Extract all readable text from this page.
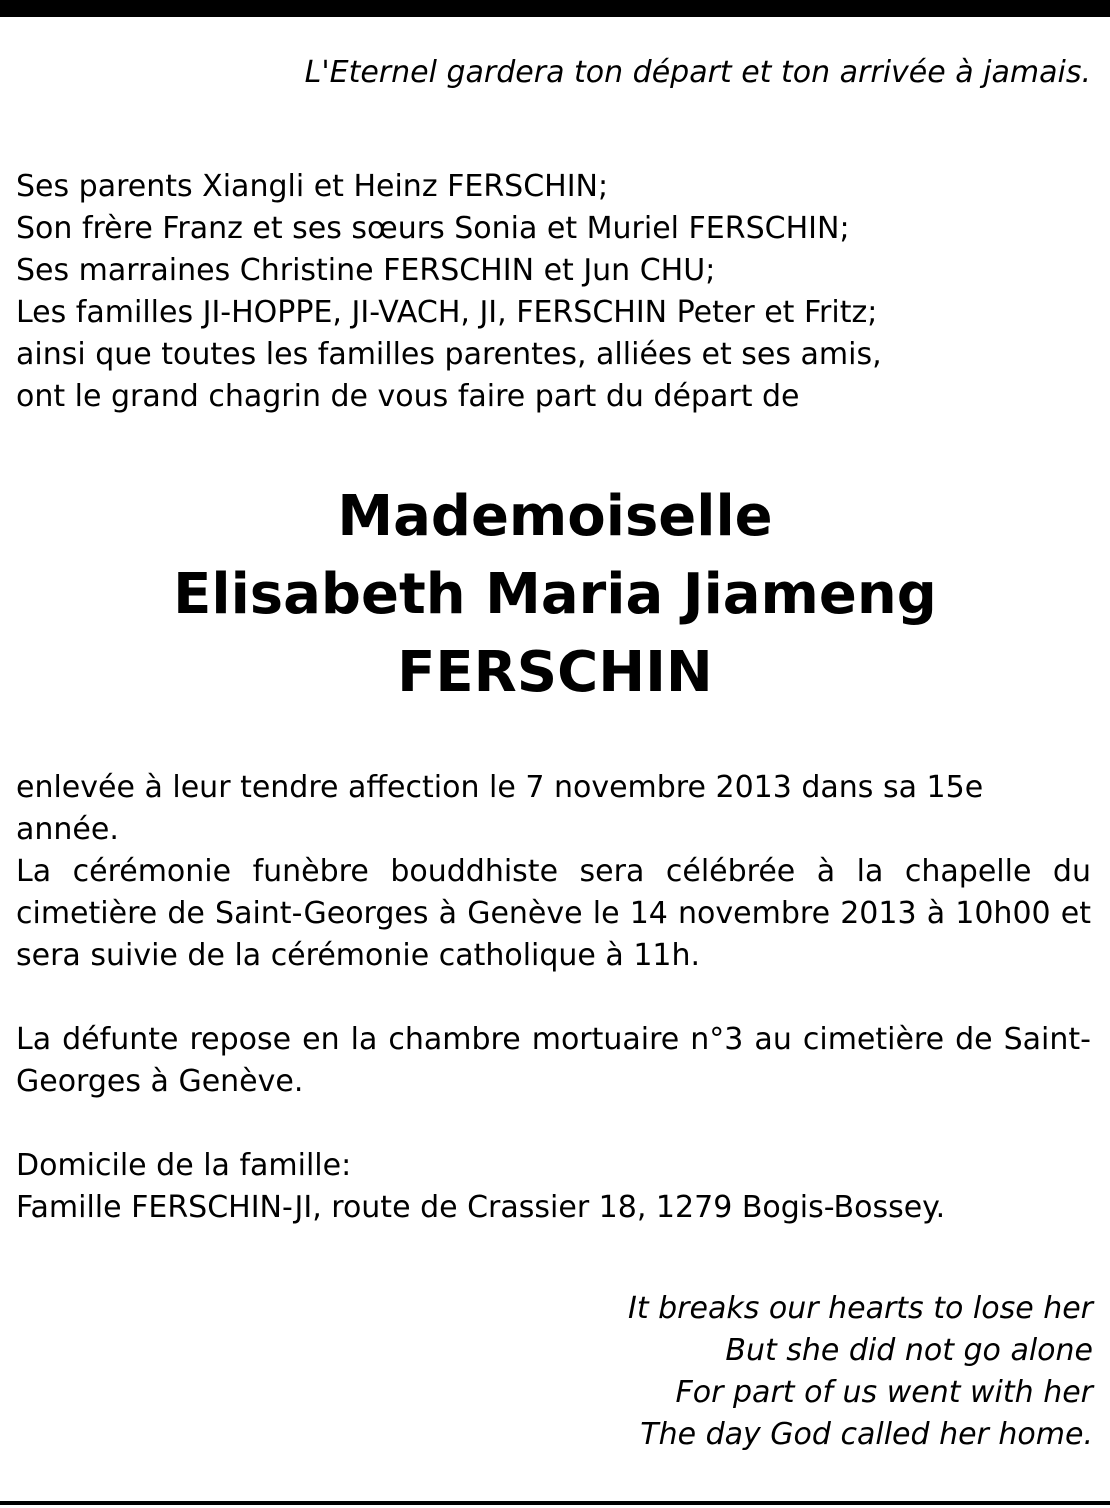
L'Eternel gardera ton départ et ton arrivée à jamais.
Ses parents Xiangli et Heinz FERSCHIN;
Son frère Franz et ses sœurs Sonia et Muriel FERSCHIN;
Ses marraines Christine FERSCHIN et Jun CHU;
Les familles JI-HOPPE, JI-VACH, JI, FERSCHIN Peter et Fritz;
ainsi que toutes les familles parentes, alliées et ses amis,
ont le grand chagrin de vous faire part du départ de
Mademoiselle
Elisabeth Maria Jiameng
FERSCHIN
enlevée à leur tendre affection le 7 novembre 2013 dans sa 15e année.
La cérémonie funèbre bouddhiste sera célébrée à la chapelle du cimetière de Saint-Georges à Genève le 14 novembre 2013 à 10h00 et sera suivie de la cérémonie catholique à 11h.
La défunte repose en la chambre mortuaire n°3 au cimetière de Saint-Georges à Genève.
Domicile de la famille:
Famille FERSCHIN-JI, route de Crassier 18, 1279 Bogis-Bossey.
It breaks our hearts to lose her
But she did not go alone
For part of us went with her
The day God called her home.
